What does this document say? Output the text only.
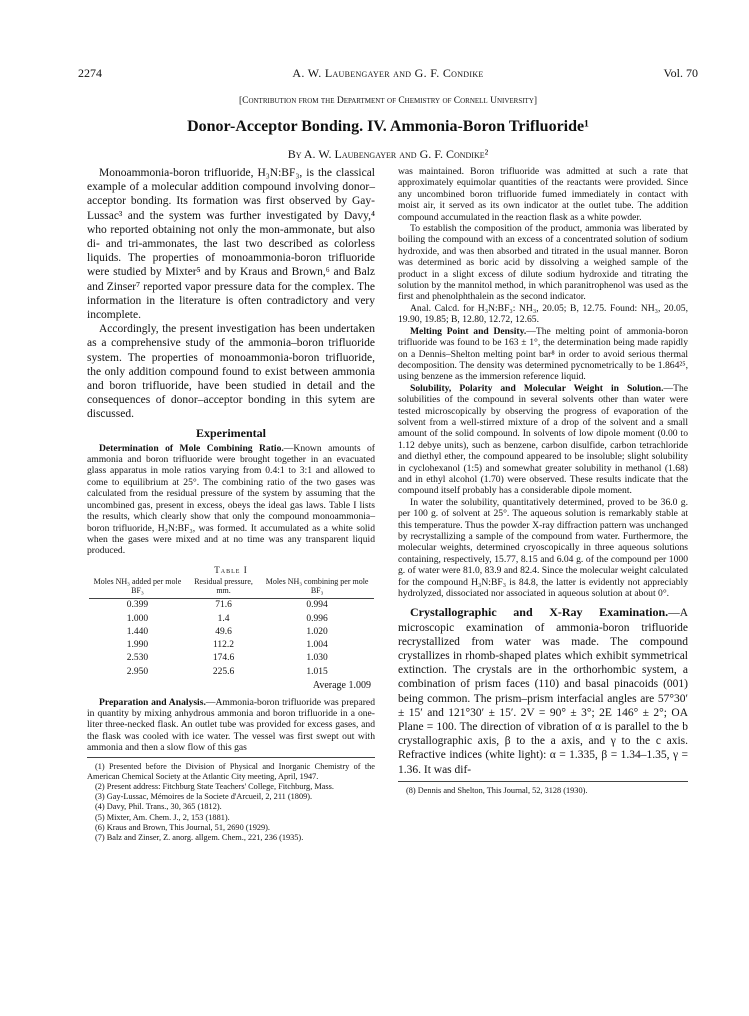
2274	A. W. Laubengayer and G. F. Condike	Vol. 70
[Contribution from the Department of Chemistry of Cornell University]
Donor-Acceptor Bonding. IV. Ammonia-Boron Trifluoride¹
By A. W. Laubengayer and G. F. Condike²

Monoammonia-boron trifluoride, H₃N:BF₃, is the classical example of a molecular addition compound involving donor–acceptor bonding. Its formation was first observed by Gay-Lussac³ and the system was further investigated by Davy,⁴ who reported obtaining not only the mon-ammonate, but also di- and tri-ammonates, the last two described as colorless liquids. The properties of monoammonia-boron trifluoride were studied by Mixter⁵ and by Kraus and Brown,⁶ and Balz and Zinser⁷ reported vapor pressure data for the complex. The information in the literature is often contradictory and very incomplete.

Accordingly, the present investigation has been undertaken as a comprehensive study of the ammonia–boron trifluoride system. The properties of monoammonia-boron trifluoride, the only addition compound found to exist between ammonia and boron trifluoride, have been studied in detail and the consequences of donor–acceptor bonding in this sytem are discussed.

Experimental

Determination of Mole Combining Ratio.—Known amounts of ammonia and boron trifluoride were brought together in an evacuated glass apparatus in mole ratios varying from 0.4:1 to 3:1 and allowed to come to equilibrium at 25°. The combining ratio of the two gases was calculated from the residual pressure of the system by assuming that the uncombined gas, present in excess, obeys the ideal gas laws. Table I lists the results, which clearly show that only the compound monoammonia–boron trifluoride, H₃N:BF₃, was formed. It accumulated as a white solid when the gases were mixed and at no time was any transparent liquid produced.

Table I
Moles NH₃ added per mole BF₃	Residual pressure, mm.	Moles NH₃ combining per mole BF₃
0.399	71.6	0.994
1.000	1.4	0.996
1.440	49.6	1.020
1.990	112.2	1.004
2.530	174.6	1.030
2.950	225.6	1.015
Average 1.009

Preparation and Analysis.—Ammonia-boron trifluoride was prepared in quantity by mixing anhydrous ammonia and boron trifluoride in a one-liter three-necked flask. An outlet tube was provided for excess gases, and the flask was cooled with ice water. The vessel was first swept out with ammonia and then a slow flow of this gas

(1) Presented before the Division of Physical and Inorganic Chemistry of the American Chemical Society at the Atlantic City meeting, April, 1947.

(2) Present address: Fitchburg State Teachers' College, Fitchburg, Mass.

(3) Gay-Lussac, Mémoires de la Societe d'Arcueil, 2, 211 (1809).

(4) Davy, Phil. Trans., 30, 365 (1812).

(5) Mixter, Am. Chem. J., 2, 153 (1881).

(6) Kraus and Brown, This Journal, 51, 2690 (1929).

(7) Balz and Zinser, Z. anorg. allgem. Chem., 221, 236 (1935).

was maintained. Boron trifluoride was admitted at such a rate that approximately equimolar quantities of the reactants were provided. Since any uncombined boron trifluoride fumed immediately in contact with moist air, it served as its own indicator at the outlet tube. The addition compound accumulated in the reaction flask as a white powder.

To establish the composition of the product, ammonia was liberated by boiling the compound with an excess of a concentrated solution of sodium hydroxide, and was then absorbed and titrated in the usual manner. Boron was determined as boric acid by dissolving a weighed sample of the product in a slight excess of dilute sodium hydroxide and titrating the solution by the mannitol method, in which paranitrophenol was used as the first and phenolphthalein as the second indicator.

Anal. Calcd. for H₃N:BF₃: NH₃, 20.05; B, 12.75. Found: NH₃, 20.05, 19.90, 19.85; B, 12.80, 12.72, 12.65.

Melting Point and Density.—The melting point of ammonia-boron trifluoride was found to be 163 ± 1°, the determination being made rapidly on a Dennis–Shelton melting point bar⁸ in order to avoid serious thermal decomposition. The density was determined pycnometrically to be 1.864²⁵, using benzene as the immersion reference liquid.

Solubility, Polarity and Molecular Weight in Solution.—The solubilities of the compound in several solvents other than water were tested microscopically by observing the progress of evaporation of the solvent from a well-stirred mixture of a drop of the solvent and a small amount of the solid compound. In solvents of low dipole moment (0.00 to 1.12 debye units), such as benzene, carbon disulfide, carbon tetrachloride and diethyl ether, the compound appeared to be insoluble; slight solubility in cyclohexanol (1:5) and somewhat greater solubility in methanol (1.68) and in ethyl alcohol (1.70) were observed. These results indicate that the compound itself probably has a considerable dipole moment.

In water the solubility, quantitatively determined, proved to be 36.0 g. per 100 g. of solvent at 25°. The aqueous solution is remarkably stable at this temperature. Thus the powder X-ray diffraction pattern was unchanged by recrystallizing a sample of the compound from water. Furthermore, the molecular weights, determined cryoscopically in three aqueous solutions containing, respectively, 15.77, 8.15 and 6.04 g. of the compound per 1000 g. of water were 81.0, 83.9 and 82.4. Since the molecular weight calculated for the compound H₃N:BF₃ is 84.8, the latter is evidently not appreciably hydrolyzed, dissociated nor associated in aqueous solution at about 0°.

Crystallographic and X-Ray Examination.—A microscopic examination of ammonia-boron trifluoride recrystallized from water was made. The compound crystallizes in rhomb-shaped plates which exhibit symmetrical extinction. The crystals are in the orthorhombic system, a combination of prism faces (110) and basal pinacoids (001) being common. The prism–prism interfacial angles are 57°30′ ± 15′ and 121°30′ ± 15′. 2V = 90° ± 3°; 2E 146° ± 2°; OA Plane = 100. The direction of vibration of α is parallel to the b crystallographic axis, β to the a axis, and γ to the c axis. Refractive indices (white light): α = 1.335, β = 1.34–1.35, γ = 1.36. It was dif-

(8) Dennis and Shelton, This Journal, 52, 3128 (1930).
